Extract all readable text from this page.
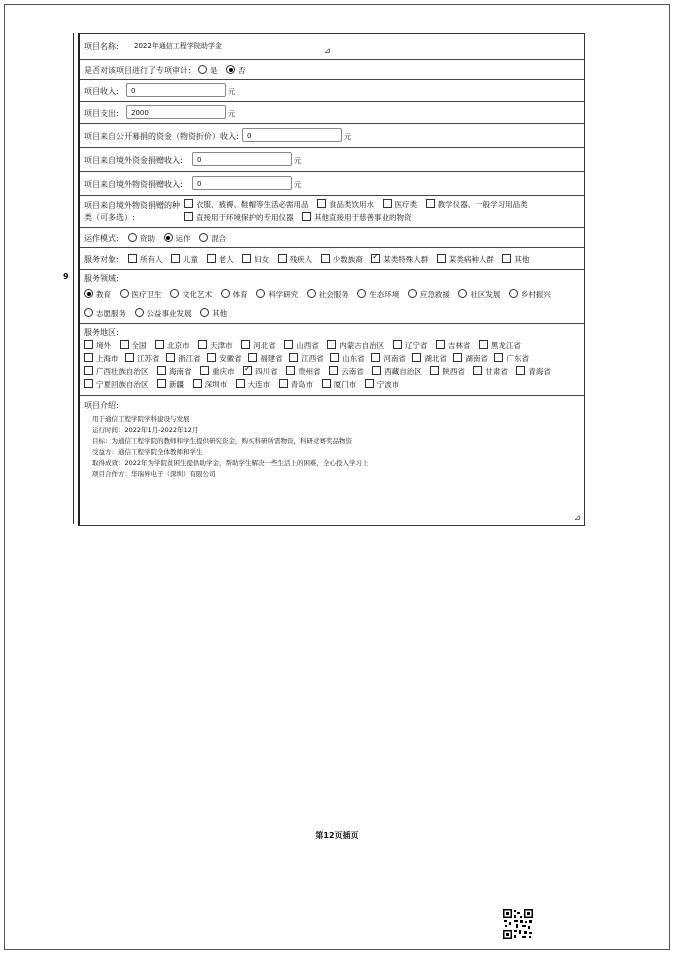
9
项目名称: 2022年通信工程学院助学金	⊿
是否对该项目进行了专项审计:	是	否
项目收入:	0	元
项目支出:	2000	元
项目来自公开募捐的资金（物资折价）收入:	0	元
项目来自境外资金捐赠收入:	0	元
项目来自境外物资捐赠收入:	0	元
项目来自境外物资捐赠的种
类（可多选）:
衣服、被褥、鞋帽等生活必需用品	食品类饮用水	医疗类	教学仪器、一般学习用品类
直接用于环境保护的专用仪器	其他直接用于慈善事业的物资
运作模式:	资助	运作	混合
服务对象:	所有人	儿童	老人	妇女	残疾人	少数族裔 ✓	某类特殊人群	某类病种人群	其他
服务领域:
教育	医疗卫生	文化艺术	体育	科学研究	社会服务	生态环境	应急救援	社区发展	乡村振兴
志愿服务	公益事业发展	其他
服务地区:
境外	全国	北京市	天津市	河北省	山西省	内蒙古自治区	辽宁省	吉林省	黑龙江省
上海市 江苏省 浙江省 安徽省 福建省 江西省 山东省 河南省 湖北省 湖南省 广东省
广西壮族自治区	海南省	重庆市 ✓	四川省	贵州省	云南省	西藏自治区	陕西省	甘肃省	青海省
宁夏回族自治区	新疆	深圳市	大连市	青岛市	厦门市	宁波市
项目介绍:
用于通信工程学院学科建设与发展
运行时间：2022年1月-2022年12月
目标：为通信工程学院的教师和学生提供研究资金，购买科研所需物资，科研竞赛奖品物资
受益方：通信工程学院全体教师和学生
取得成效：2022年为学院贫困生提供助学金，帮助学生解决一些生活上的困难，全心投入学习上
项目合作方：华瑞昇电子（深圳）有限公司
⊿
第12页插页
